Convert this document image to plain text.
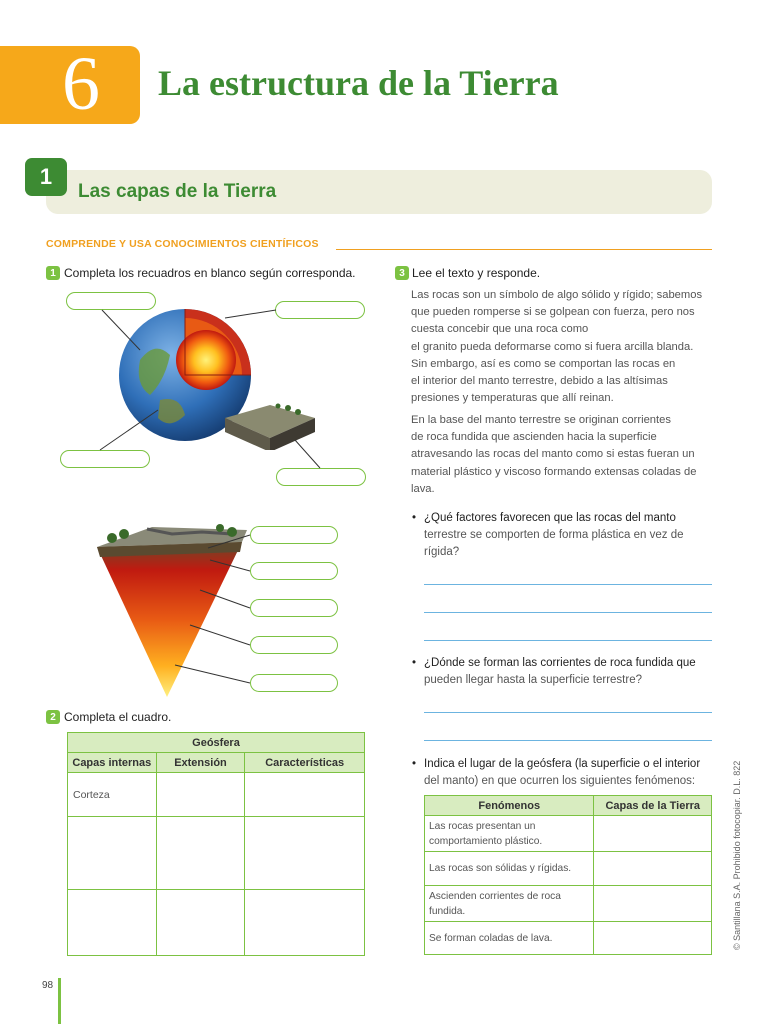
6 La estructura de la Tierra
1
Las capas de la Tierra
COMPRENDE Y USA CONOCIMIENTOS CIENTÍFICOS
1 Completa los recuadros en blanco según corresponda.
2 Completa el cuadro.
Geósfera		
Capas internas	Extensión	Características
Corteza		

3 Lee el texto y responde.
Las rocas son un símbolo de algo sólido y rígido; sabemos
que pueden romperse si se golpean con fuerza, pero nos
cuesta concebir que una roca como
el granito pueda deformarse como si fuera arcilla blanda.
Sin embargo, así es como se comportan las rocas en
el interior del manto terrestre, debido a las altísimas
presiones y temperaturas que allí reinan.
En la base del manto terrestre se originan corrientes
de roca fundida que ascienden hacia la superficie
atravesando las rocas del manto como si estas fueran un
material plástico y viscoso formando extensas coladas de
lava.
• ¿Qué factores favorecen que las rocas del manto
terrestre se comporten de forma plástica en vez de
rígida?
• ¿Dónde se forman las corrientes de roca fundida que
pueden llegar hasta la superficie terrestre?
• Indica el lugar de la geósfera (la superficie o el interior
del manto) en que ocurren los siguientes fenómenos:
Fenómenos	Capas de la Tierra

Las rocas presentan un
comportamiento plástico.	

Las rocas son sólidas y rígidas.	

Ascienden corrientes de roca
fundida.	

Se forman coladas de lava.		© Santillana S.A. Prohibido fotocopiar. D.L. 822
98
